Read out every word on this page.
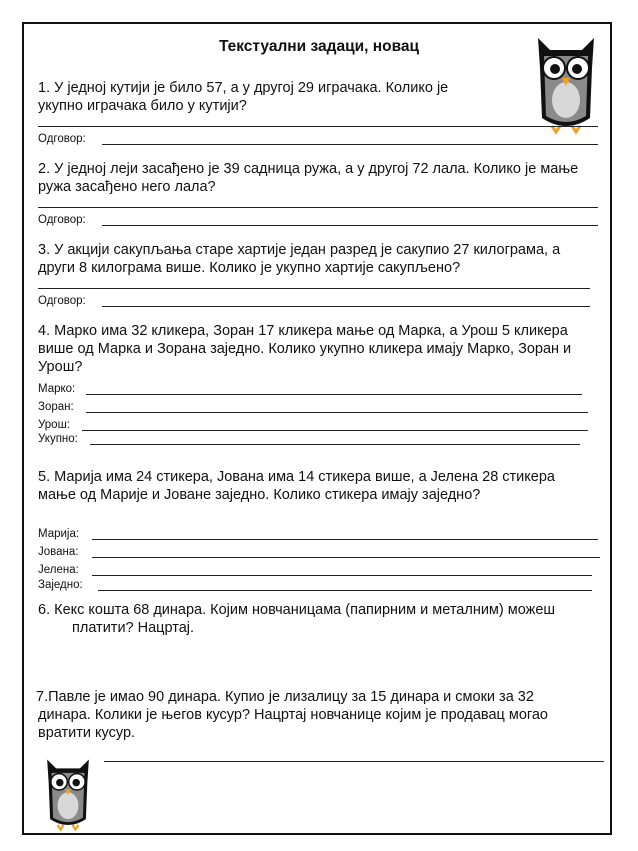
Текстуални задаци, новац
1. У једној кутији је било 57, а у другој 29 играчака. Колико је
укупно играчака било у кутији?
Одговор:
2. У једној леји засађено је 39 садница ружа, а у другој 72 лала. Колико је мање
ружа засађено него лала?
Одговор:
3. У акцији сакупљања старе хартије један разред је сакупио 27 килограма, а
други 8 килограма више. Колико је укупно хартије сакупљено?
Одговор:
4. Марко има 32 кликера, Зоран 17 кликера мање од Марка, а Урош 5 кликера
више од Марка и Зорана заједно. Колико укупно кликера имају Марко, Зоран и
Урош?
Марко:
Зоран:
Урош:
Укупно:
5. Марија има 24 стикера, Јована има 14 стикера више, а Јелена 28 стикера
мање од Марије и Јоване заједно. Колико стикера имају заједно?
Марија:
Јована:
Јелена:
Заједно:
6. Кекс кошта 68 динара. Којим новчаницама (папирним и металним) можеш
платити? Нацртај.
7.Павле је имао 90 динара. Купио је лизалицу за 15 динара и смоки за 32
динара. Колики је његов кусур? Нацртај новчанице којим је продавац могао
вратити кусур.
